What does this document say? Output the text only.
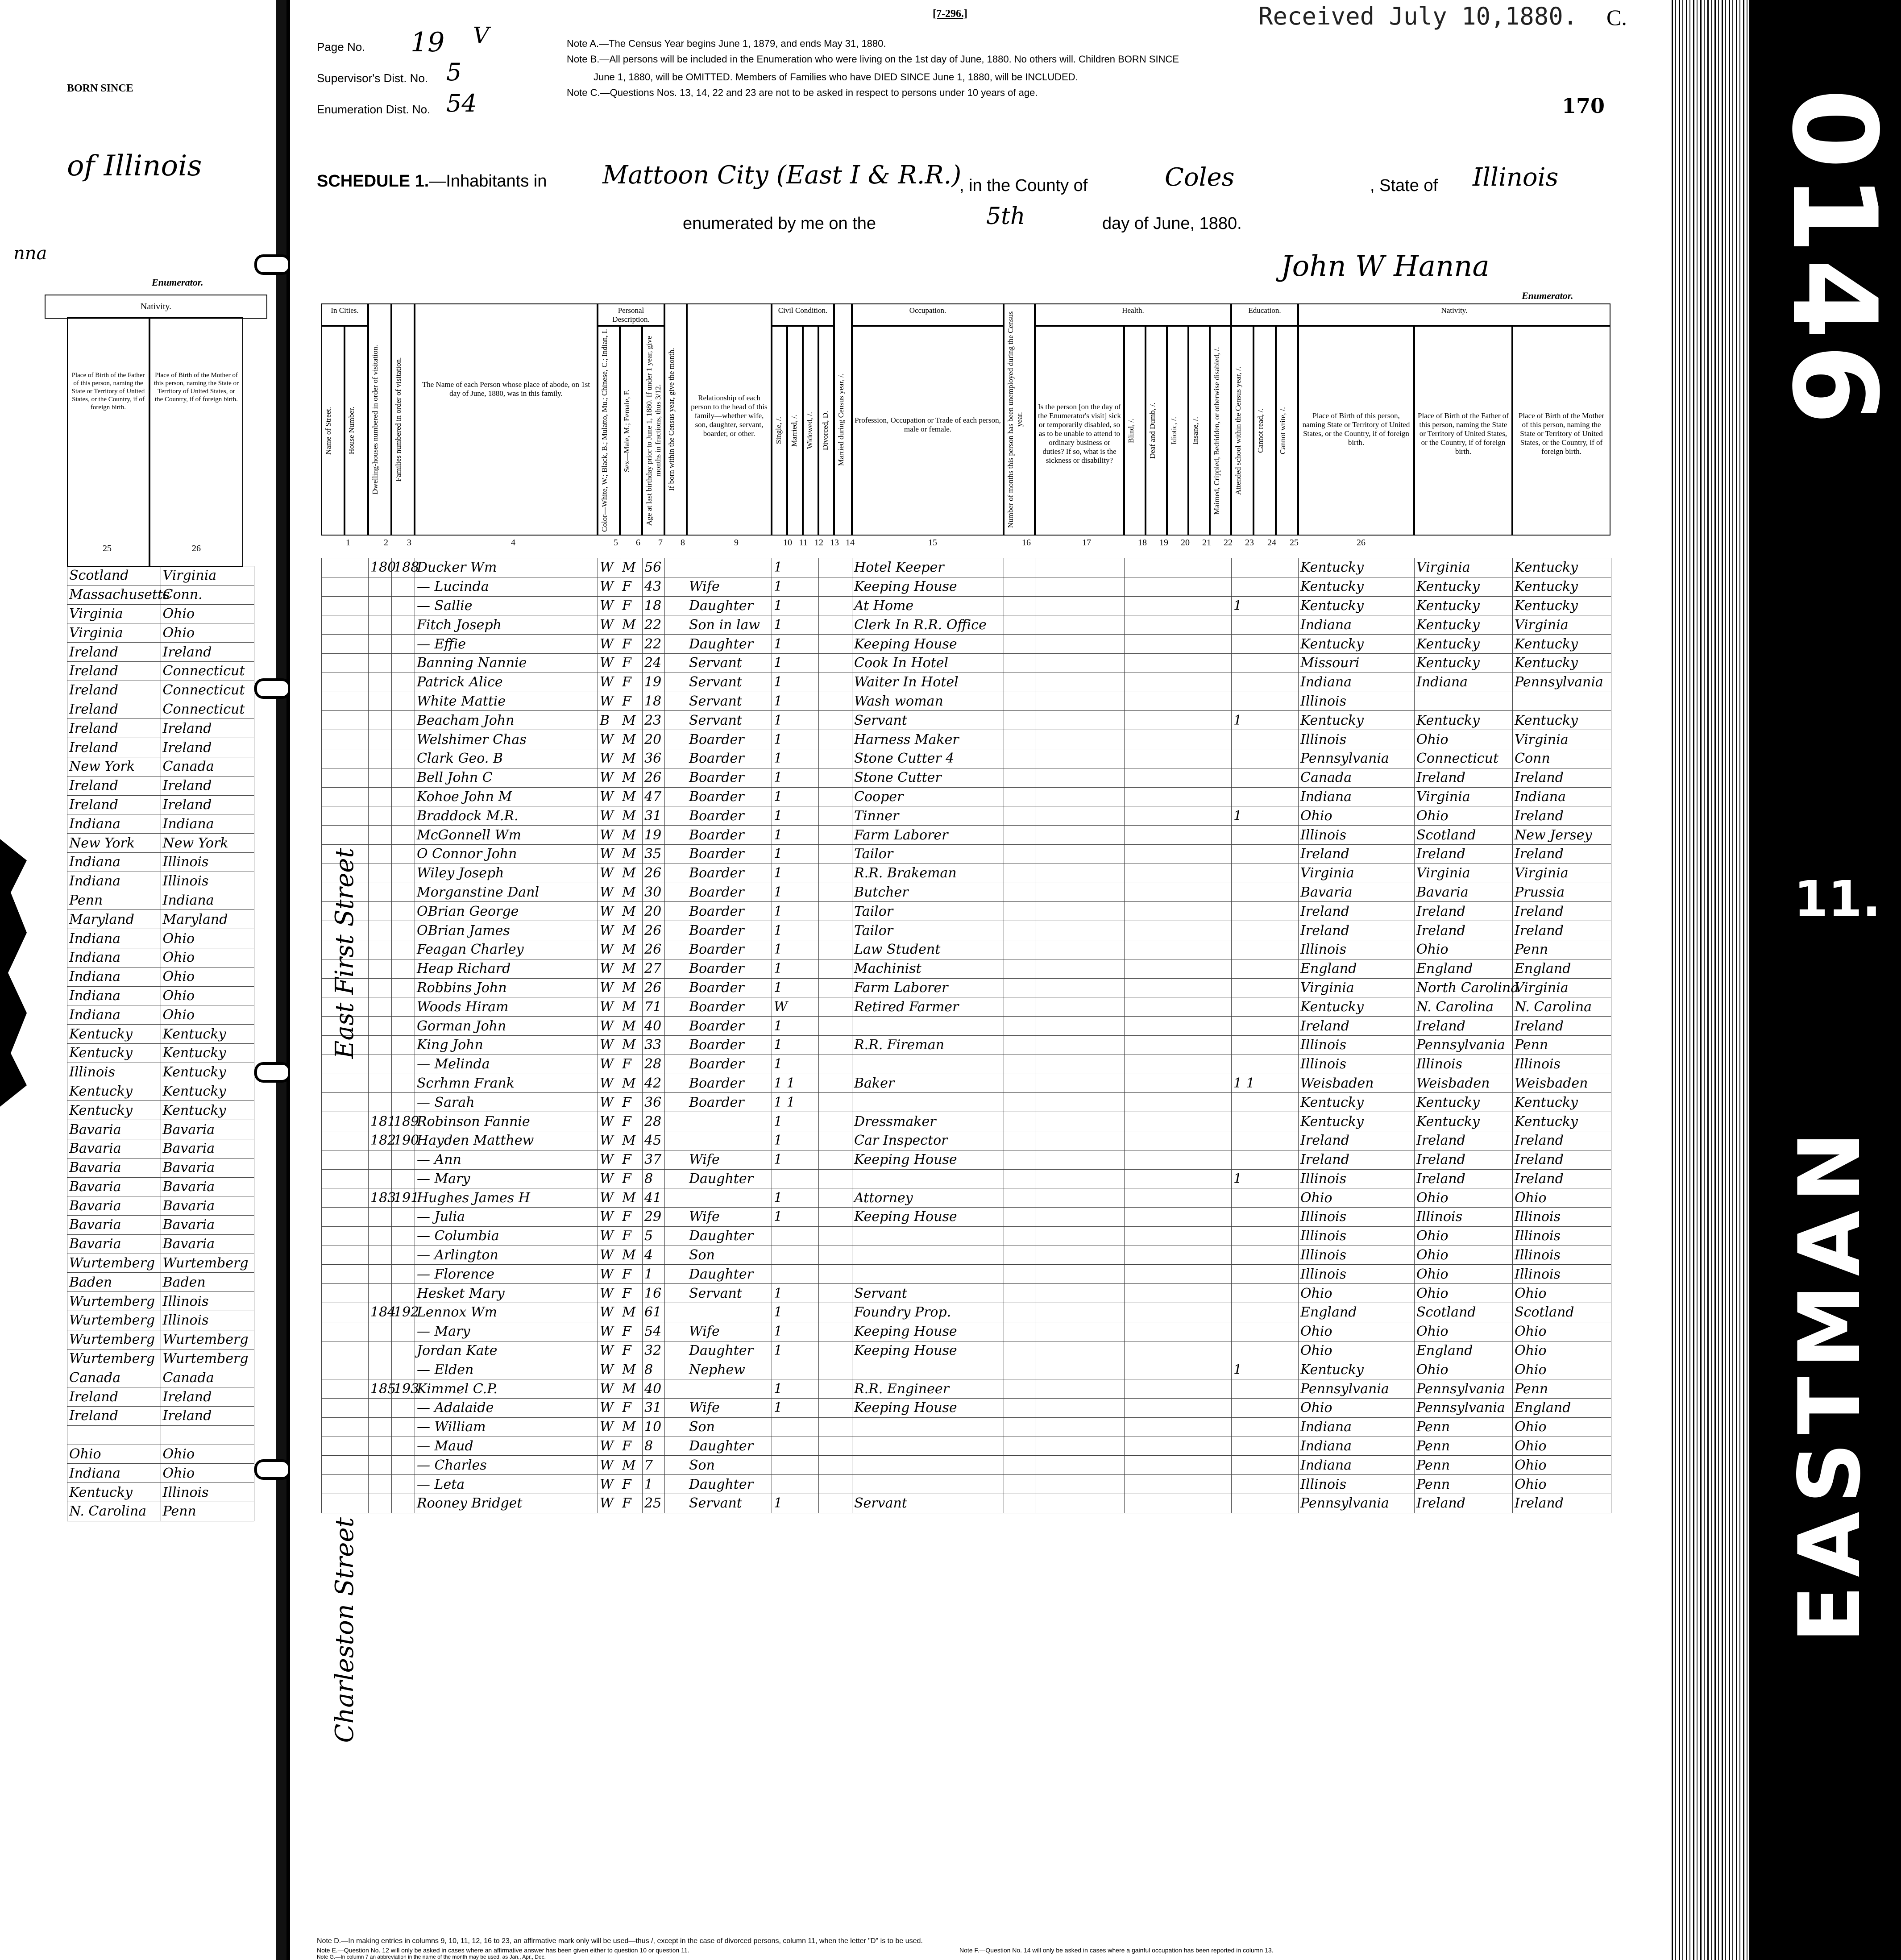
BORN SINCE
of Illinois
nna
Enumerator.
Nativity.
Place of Birth of the Father of this person, naming the State or Territory of United States, or the Country, if of foreign birth.
Place of Birth of the Mother of this person, naming the State or Territory of United States, or the Country, if of foreign birth.
25	26
Scotland	Virginia
Massachusetts	Conn.
Virginia	Ohio
Virginia	Ohio
Ireland	Ireland
Ireland	Connecticut
Ireland	Connecticut
Ireland	Connecticut
Ireland	Ireland
Ireland	Ireland
New York	Canada
Ireland	Ireland
Ireland	Ireland
Indiana	Indiana
New York	New York
Indiana	Illinois
Indiana	Illinois
Penn	Indiana
Maryland	Maryland
Indiana	Ohio
Indiana	Ohio
Indiana	Ohio
Indiana	Ohio
Indiana	Ohio
Kentucky	Kentucky
Kentucky	Kentucky
Illinois	Kentucky
Kentucky	Kentucky
Kentucky	Kentucky
Bavaria	Bavaria
Bavaria	Bavaria
Bavaria	Bavaria
Bavaria	Bavaria
Bavaria	Bavaria
Bavaria	Bavaria
Bavaria	Bavaria
Wurtemberg	Wurtemberg
Baden	Baden
Wurtemberg	Illinois
Wurtemberg	Illinois
Wurtemberg	Wurtemberg
Wurtemberg	Wurtemberg
Canada	Canada
Ireland	Ireland
Ireland	Ireland

Ohio	Ohio
Indiana	Ohio
Kentucky	Illinois
N. Carolina	Penn
[7-296.]	Received July 10,1880. C.
Page No. 19 V
Supervisor's Dist. No. 5
Enumeration Dist. No. 54
Note A.—The Census Year begins June 1, 1879, and ends May 31, 1880.
Note B.—All persons will be included in the Enumeration who were living on the 1st day of June, 1880. No others will. Children BORN SINCE
170
June 1, 1880, will be OMITTED. Members of Families who have DIED SINCE June 1, 1880, will be INCLUDED.
Note C.—Questions Nos. 13, 14, 22 and 23 are not to be asked in respect to persons under 10 years of age.
SCHEDULE 1.—Inhabitants in Mattoon City (East I & R.R.)
, in the County of	Coles	, State of Illinois
enumerated by me on the	5th	day of June, 1880.
John W Hanna
Enumerator.
In Cities.
Name of Street.	House Number.	Dwelling-houses numbered in order of visitation.	Families numbered in order of visitation.	The Name of each Person whose place of abode, on 1st day of June, 1880, was in this family.
Personal Description.
Color—White, W.; Black, B.; Mulatto, Mu.; Chinese, C.; Indian, I.	Sex—Male, M.; Female, F.	Age at last birthday prior to June 1, 1880. If under 1 year, give months in fractions, thus 3/12. If born within the Census year, give the month.	Relationship of each person to the head of this family—whether wife, son, daughter, servant, boarder, or other.
Civil Condition.
Single, /. Married, /. Widowed, /. Divorced, D. Married during Census year, /.
Occupation.
Profession, Occupation or Trade of each person, male or female.	Number of months this person has been unemployed during the Census year.
Health.
Is the person [on the day of the Enumerator's visit] sick or temporarily disabled, so as to be unable to attend to ordinary business or duties? If so, what is the sickness or disability?
Blind, /.	Deaf and Dumb, /.	Idiotic, /.	Insane, /.	Maimed, Crippled, Bedridden, or otherwise disabled, /.
Education.
Attended school within the Census year, /.	Cannot read, /.	Cannot write, /.
Nativity.
Place of Birth of this person, naming State or Territory of United States, or the Country, if of foreign birth.
Place of Birth of the Father of this person, naming the State or Territory of United States, or the Country, if of foreign birth.
Place of Birth of the Mother of this person, naming the State or Territory of United States, or the Country, if of foreign birth.
1	2	3	4	5	6	7	8	9	10 11 12 13 14	15	16	17	18	19	20	21	22	23	24	25	26
	180	188	Ducker Wm	W	M	56			1		Hotel Keeper					Kentucky	Virginia	Kentucky
			— Lucinda	W	F	43		Wife	1		Keeping House					Kentucky	Kentucky	Kentucky
			— Sallie	W	F	18		Daughter	1		At Home				1	Kentucky	Kentucky	Kentucky
			Fitch Joseph	W	M	22		Son in law	1		Clerk In R.R. Office					Indiana	Kentucky	Virginia
			— Effie	W	F	22		Daughter	1		Keeping House					Kentucky	Kentucky	Kentucky
			Banning Nannie	W	F	24		Servant	1		Cook In Hotel					Missouri	Kentucky	Kentucky
			Patrick Alice	W	F	19		Servant	1		Waiter In Hotel					Indiana	Indiana	Pennsylvania
			White Mattie	W	F	18		Servant	1		Wash woman					Illinois		
			Beacham John	B	M	23		Servant	1		Servant				1	Kentucky	Kentucky	Kentucky
			Welshimer Chas	W	M	20		Boarder	1		Harness Maker					Illinois	Ohio	Virginia
			Clark Geo. B	W	M	36		Boarder	1		Stone Cutter 4					Pennsylvania	Connecticut	Conn
			Bell John C	W	M	26		Boarder	1		Stone Cutter					Canada	Ireland	Ireland
			Kohoe John M	W	M	47		Boarder	1		Cooper					Indiana	Virginia	Indiana
			Braddock M.R.	W	M	31		Boarder	1		Tinner				1	Ohio	Ohio	Ireland
			McGonnell Wm	W	M	19		Boarder	1		Farm Laborer					Illinois	Scotland	New Jersey
			O Connor John	W	M	35		Boarder	1		Tailor					Ireland	Ireland	Ireland
			Wiley Joseph	W	M	26		Boarder	1		R.R. Brakeman					Virginia	Virginia	Virginia
			Morganstine Danl	W	M	30		Boarder	1		Butcher					Bavaria	Bavaria	Prussia
			OBrian George	W	M	20		Boarder	1		Tailor					Ireland	Ireland	Ireland
			OBrian James	W	M	26		Boarder	1		Tailor					Ireland	Ireland	Ireland
			Feagan Charley	W	M	26		Boarder	1		Law Student					Illinois	Ohio	Penn
			Heap Richard	W	M	27		Boarder	1		Machinist					England	England	England
			Robbins John	W	M	26		Boarder	1		Farm Laborer					Virginia	North Carolina	Virginia
			Woods Hiram	W	M	71		Boarder	W		Retired Farmer					Kentucky	N. Carolina	N. Carolina
			Gorman John	W	M	40		Boarder	1							Ireland	Ireland	Ireland
			King John	W	M	33		Boarder	1		R.R. Fireman					Illinois	Pennsylvania	Penn
			— Melinda	W	F	28		Boarder	1							Illinois	Illinois	Illinois
			Scrhmn Frank	W	M	42		Boarder	1 1		Baker				1 1	Weisbaden	Weisbaden	Weisbaden
			— Sarah	W	F	36		Boarder	1 1							Kentucky	Kentucky	Kentucky
	181	189	Robinson Fannie	W	F	28			1		Dressmaker					Kentucky	Kentucky	Kentucky
	182	190	Hayden Matthew	W	M	45			1		Car Inspector					Ireland	Ireland	Ireland
			— Ann	W	F	37		Wife	1		Keeping House					Ireland	Ireland	Ireland
			— Mary	W	F	8		Daughter							1	Illinois	Ireland	Ireland
	183	191	Hughes James H	W	M	41			1		Attorney					Ohio	Ohio	Ohio
			— Julia	W	F	29		Wife	1		Keeping House					Illinois	Illinois	Illinois
			— Columbia	W	F	5		Daughter								Illinois	Ohio	Illinois
			— Arlington	W	M	4		Son								Illinois	Ohio	Illinois
			— Florence	W	F	1		Daughter								Illinois	Ohio	Illinois
			Hesket Mary	W	F	16		Servant	1		Servant					Ohio	Ohio	Ohio
	184	192	Lennox Wm	W	M	61			1		Foundry Prop.					England	Scotland	Scotland
			— Mary	W	F	54		Wife	1		Keeping House					Ohio	Ohio	Ohio
			Jordan Kate	W	F	32		Daughter	1		Keeping House					Ohio	England	Ohio
			— Elden	W	M	8		Nephew							1	Kentucky	Ohio	Ohio
	185	193	Kimmel C.P.	W	M	40			1		R.R. Engineer					Pennsylvania	Pennsylvania	Penn
			— Adalaide	W	F	31		Wife	1		Keeping House					Ohio	Pennsylvania	England
			— William	W	M	10		Son								Indiana	Penn	Ohio
			— Maud	W	F	8		Daughter								Indiana	Penn	Ohio
			— Charles	W	M	7		Son								Indiana	Penn	Ohio
			— Leta	W	F	1		Daughter								Illinois	Penn	Ohio
			Rooney Bridget	W	F	25		Servant	1		Servant					Pennsylvania	Ireland	Ireland
East First Street
Charleston Street
Note D.—In making entries in columns 9, 10, 11, 12, 16 to 23, an affirmative mark only will be used—thus /, except in the case of divorced persons, column 11, when the letter "D" is to be used.
Note E.—Question No. 12 will only be asked in cases where an affirmative answer has been given either to question 10 or question 11.	Note F.—Question No. 14 will only be asked in cases where a gainful occupation has been reported in column 13.
Note G.—In column 7 an abbreviation in the name of the month may be used, as Jan., Apr., Dec.
0146
11.
EASTMAN
